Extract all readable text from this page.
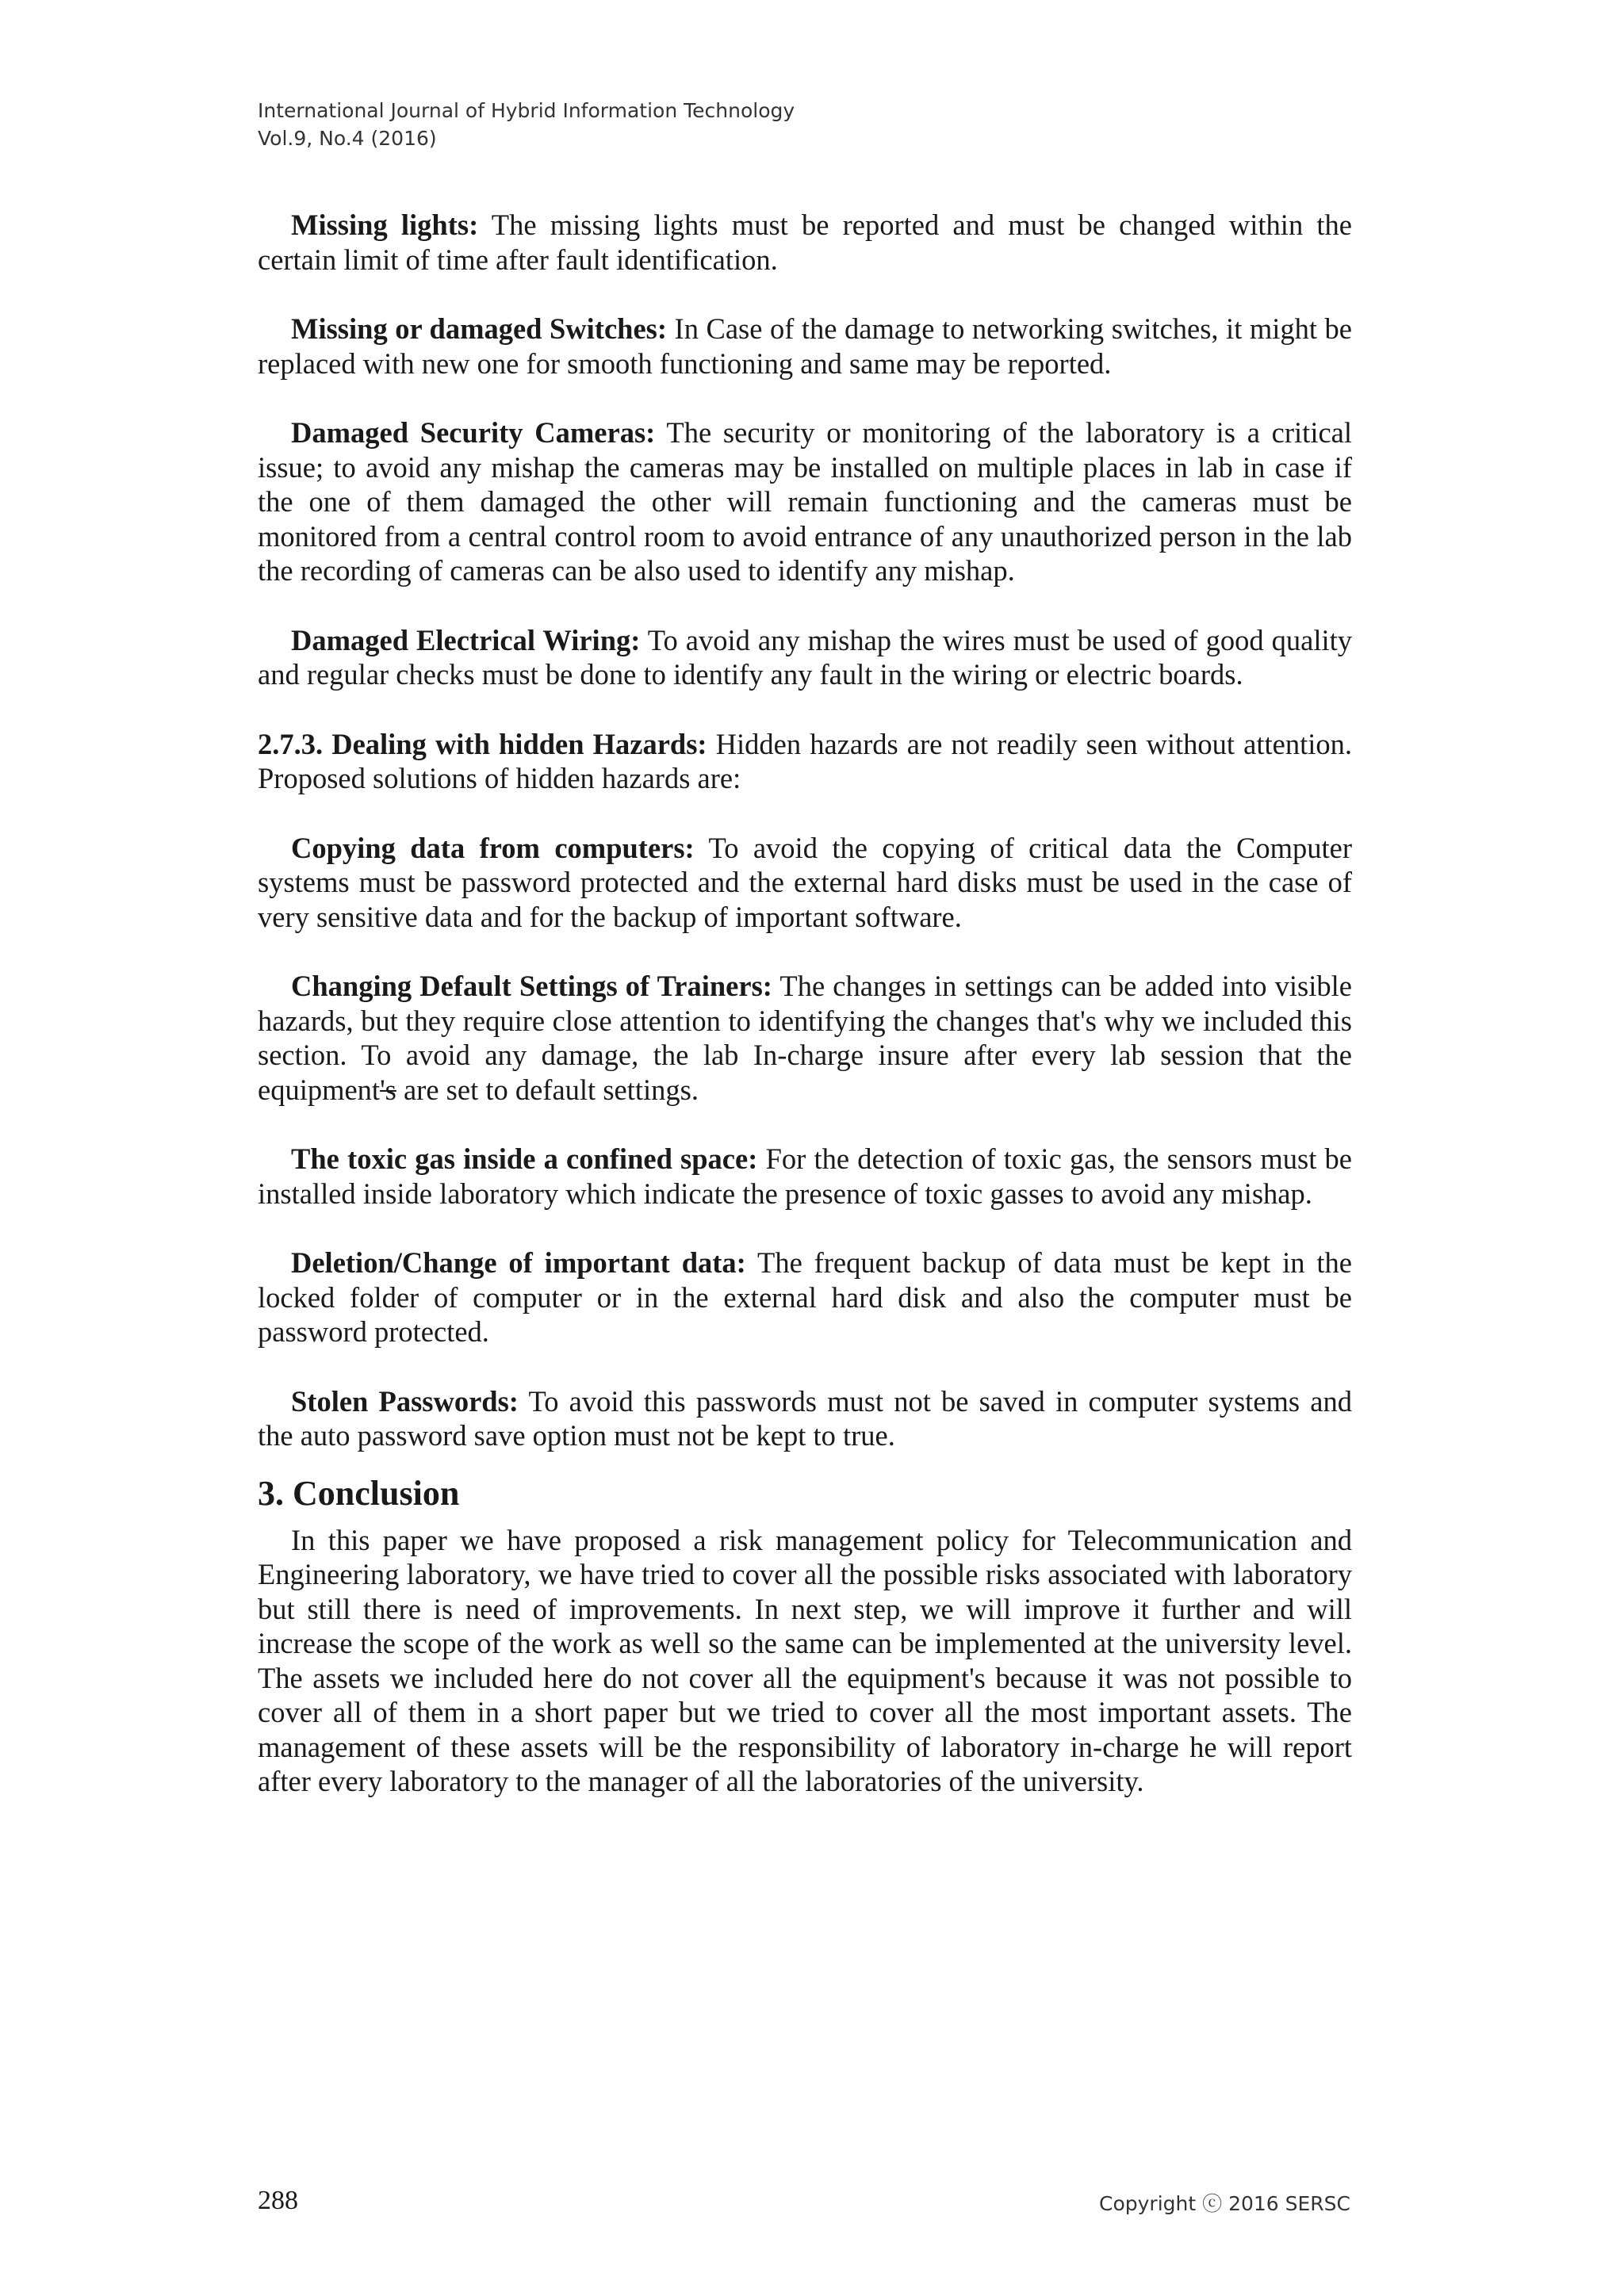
International Journal of Hybrid Information Technology
Vol.9, No.4 (2016)

Missing lights: The missing lights must be reported and must be changed within the certain limit of time after fault identification.

Missing or damaged Switches: In Case of the damage to networking switches, it might be replaced with new one for smooth functioning and same may be reported.

Damaged Security Cameras: The security or monitoring of the laboratory is a critical issue; to avoid any mishap the cameras may be installed on multiple places in lab in case if the one of them damaged the other will remain functioning and the cameras must be monitored from a central control room to avoid entrance of any unauthorized person in the lab the recording of cameras can be also used to identify any mishap.

Damaged Electrical Wiring: To avoid any mishap the wires must be used of good quality and regular checks must be done to identify any fault in the wiring or electric boards.

2.7.3. Dealing with hidden Hazards: Hidden hazards are not readily seen without attention. Proposed solutions of hidden hazards are:

Copying data from computers: To avoid the copying of critical data the Computer systems must be password protected and the external hard disks must be used in the case of very sensitive data and for the backup of important software.

Changing Default Settings of Trainers: The changes in settings can be added into visible hazards, but they require close attention to identifying the changes that's why we included this section. To avoid any damage, the lab In-charge insure after every lab session that the equipment's are set to default settings.

The toxic gas inside a confined space: For the detection of toxic gas, the sensors must be installed inside laboratory which indicate the presence of toxic gasses to avoid any mishap.

Deletion/Change of important data: The frequent backup of data must be kept in the locked folder of computer or in the external hard disk and also the computer must be password protected.

Stolen Passwords: To avoid this passwords must not be saved in computer systems and the auto password save option must not be kept to true.

3. Conclusion

In this paper we have proposed a risk management policy for Telecommunication and Engineering laboratory, we have tried to cover all the possible risks associated with laboratory but still there is need of improvements. In next step, we will improve it further and will increase the scope of the work as well so the same can be implemented at the university level. The assets we included here do not cover all the equipment's because it was not possible to cover all of them in a short paper but we tried to cover all the most important assets. The management of these assets will be the responsibility of laboratory in-charge he will report after every laboratory to the manager of all the laboratories of the university.

288	Copyright ⓒ 2016 SERSC
